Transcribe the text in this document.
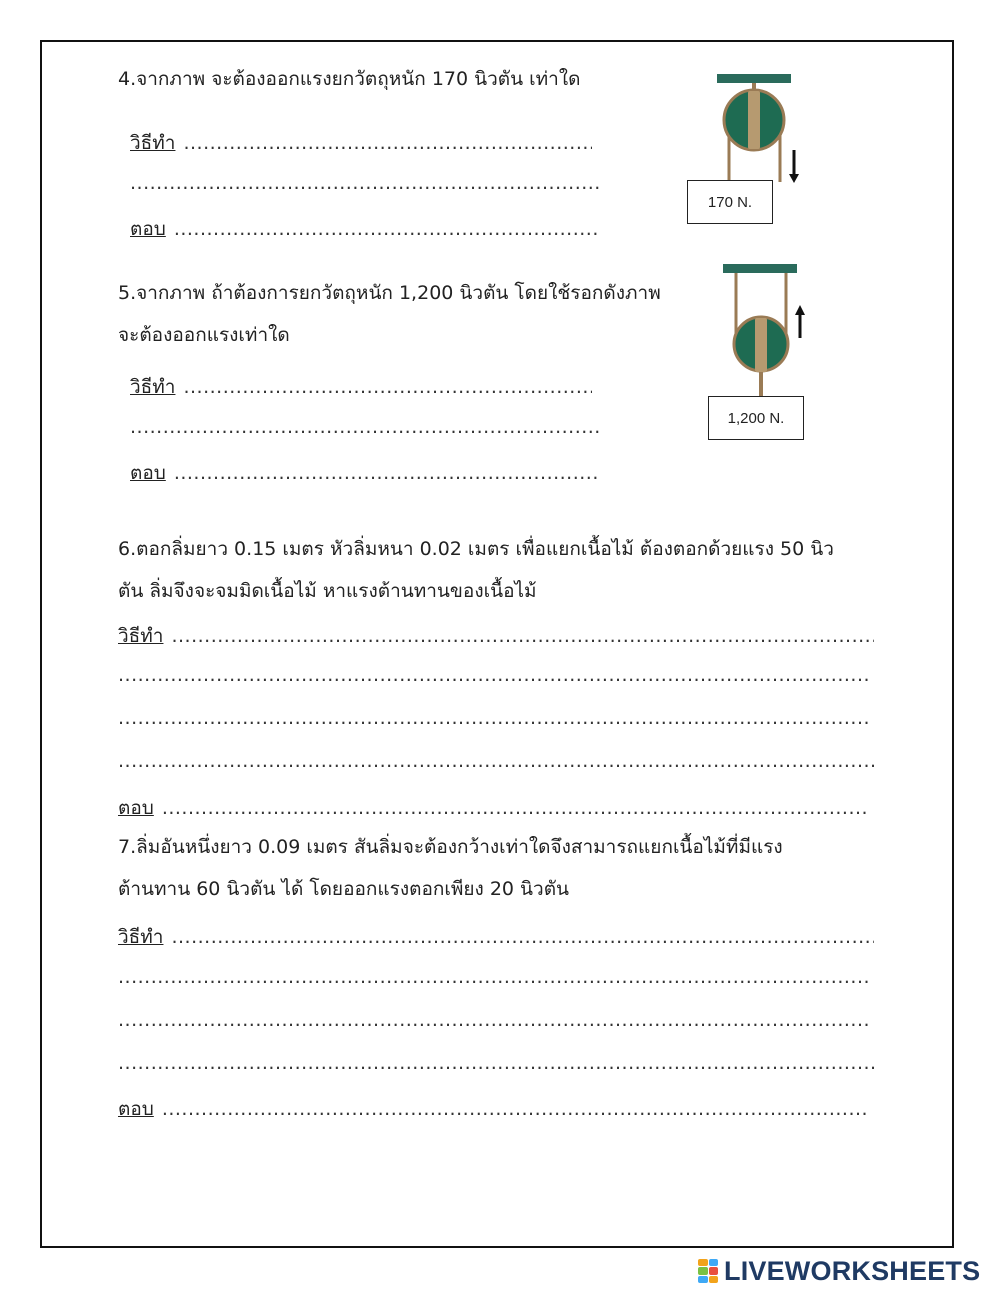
4.จากภาพ จะต้องออกแรงยกวัตถุหนัก 170 นิวตัน เท่าใด
วิธีทำ
.....
.....
ตอบ
.....
170 N.
5.จากภาพ ถ้าต้องการยกวัตถุหนัก 1,200 นิวตัน โดยใช้รอกดังภาพ
จะต้องออกแรงเท่าใด
วิธีทำ
.....
.....
ตอบ
.....
1,200 N.
6.ตอกลิ่มยาว 0.15 เมตร หัวลิ่มหนา 0.02 เมตร เพื่อแยกเนื้อไม้ ต้องตอกด้วยแรง 50 นิว
ตัน ลิ่มจึงจะจมมิดเนื้อไม้ หาแรงต้านทานของเนื้อไม้
วิธีทำ
.....
.....
.....
.....
ตอบ
.....
7.ลิ่มอันหนึ่งยาว 0.09 เมตร สันลิ่มจะต้องกว้างเท่าใดจึงสามารถแยกเนื้อไม้ที่มีแรง
ต้านทาน 60 นิวตัน ได้ โดยออกแรงตอกเพียง 20 นิวตัน
วิธีทำ
.....
.....
.....
.....
ตอบ
.....
LIVEWORKSHEETS
